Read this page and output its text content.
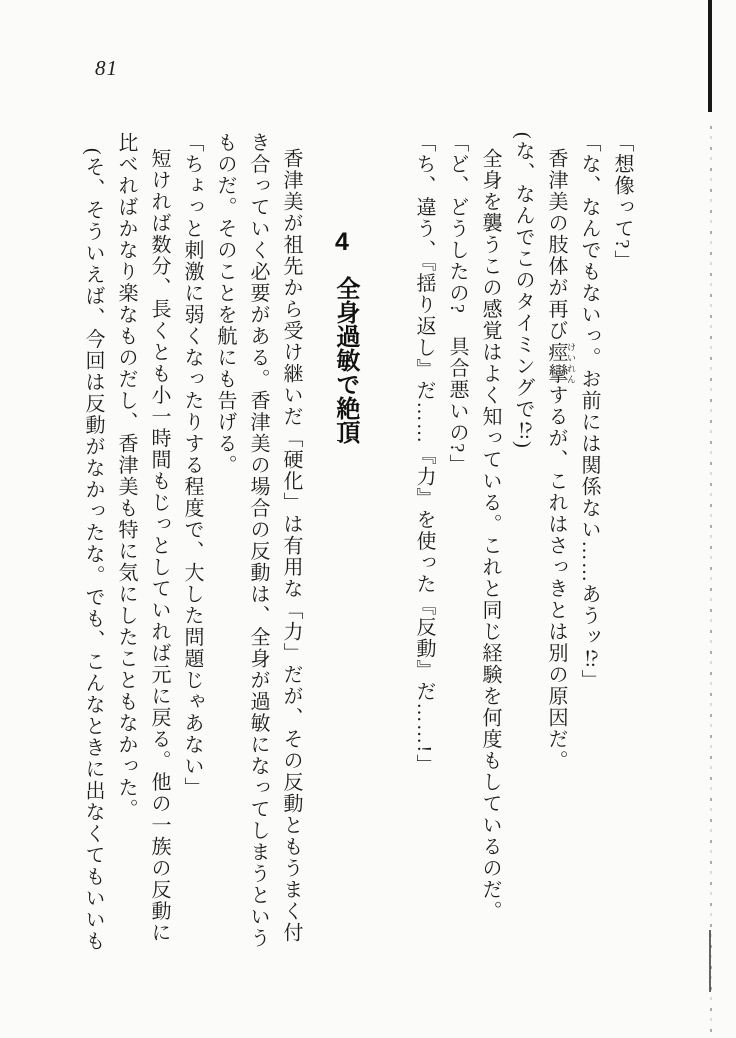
81
「想像って?」
「な、なんでもないっ。お前には関係ない……あうッ⁉」
香津美の肢体が再び痙攣 けいれんするが、これはさっきとは別の原因だ。
(な、なんでこのタイミングで⁉)
全身を襲うこの感覚はよく知っている。これと同じ経験を何度もしているのだ。
「ど、どうしたの?　具合悪いの?」
「ち、違う、『揺り返し』だ……『力』を使った『反動』だ……!」
4
全身過敏で絶頂
香津美が祖先から受け継いだ「硬化」は有用な「力」だが、その反動ともうまく付
き合っていく必要がある。香津美の場合の反動は、全身が過敏になってしまうという
ものだ。そのことを航にも告げる。
「ちょっと刺激に弱くなったりする程度で、大した問題じゃあない」
短ければ数分、長くとも小一時間もじっとしていれば元に戻る。他の一族の反動に
比べればかなり楽なものだし、香津美も特に気にしたこともなかった。
(そ、そういえば、今回は反動がなかったな。でも、こんなときに出なくてもいいも
